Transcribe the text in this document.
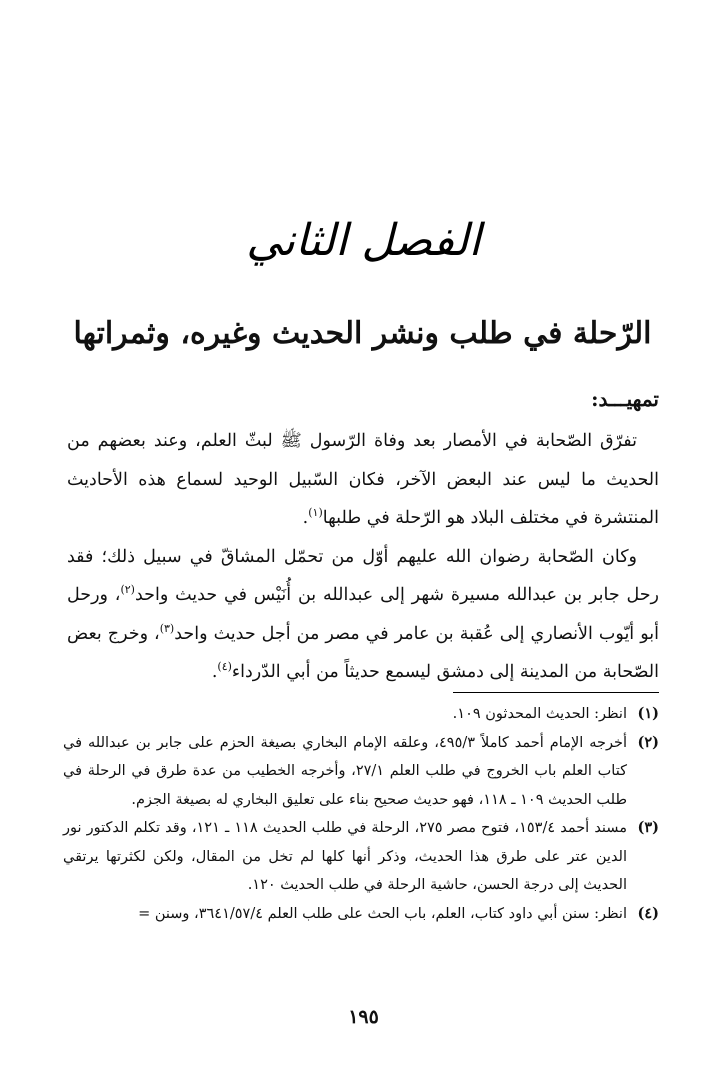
الفصل الثاني
الرّحلة في طلب ونشر الحديث وغيره، وثمراتها
تمهيـــد:

تفرّق الصّحابة في الأمصار بعد وفاة الرّسول ﷺ لبثّ العلم، وعند بعضهم من الحديث ما ليس عند البعض الآخر، فكان السّبيل الوحيد لسماع هذه الأحاديث المنتشرة في مختلف البلاد هو الرّحلة في طلبها$^{(١)}$.

وكان الصّحابة رضوان الله عليهم أوّل من تحمّل المشاقّ في سبيل ذلك؛ فقد رحل جابر بن عبدالله مسيرة شهر إلى عبدالله بن أُنَيْس في حديث واحد$^{(٢)}$، ورحل أبو أيّوب الأنصاري إلى عُقبة بن عامر في مصر من أجل حديث واحد$^{(٣)}$، وخرج بعض الصّحابة من المدينة إلى دمشق ليسمع حديثاً من أبي الدّرداء$^{(٤)}$.

(١)
انظر: الحديث المحدثون ١٠٩.
(٢)
أخرجه الإمام أحمد كاملاً ٤٩٥/٣، وعلقه الإمام البخاري بصيغة الحزم على جابر بن عبدالله في كتاب العلم باب الخروج في طلب العلم ٢٧/١، وأخرجه الخطيب من عدة طرق في الرحلة في طلب الحديث ١٠٩ ـ ١١٨، فهو حديث صحيح بناء على تعليق البخاري له بصيغة الجزم.
(٣)
مسند أحمد ١٥٣/٤، فتوح مصر ٢٧٥، الرحلة في طلب الحديث ١١٨ ـ ١٢١، وقد تكلم الدكتور نور الدين عتر على طرق هذا الحديث، وذكر أنها كلها لم تخل من المقال، ولكن لكثرتها يرتقي الحديث إلى درجة الحسن، حاشية الرحلة في طلب الحديث ١٢٠.
(٤)
انظر: سنن أبي داود كتاب، العلم، باب الحث على طلب العلم ٣٦٤١/٥٧/٤، وسنن =
١٩٥
